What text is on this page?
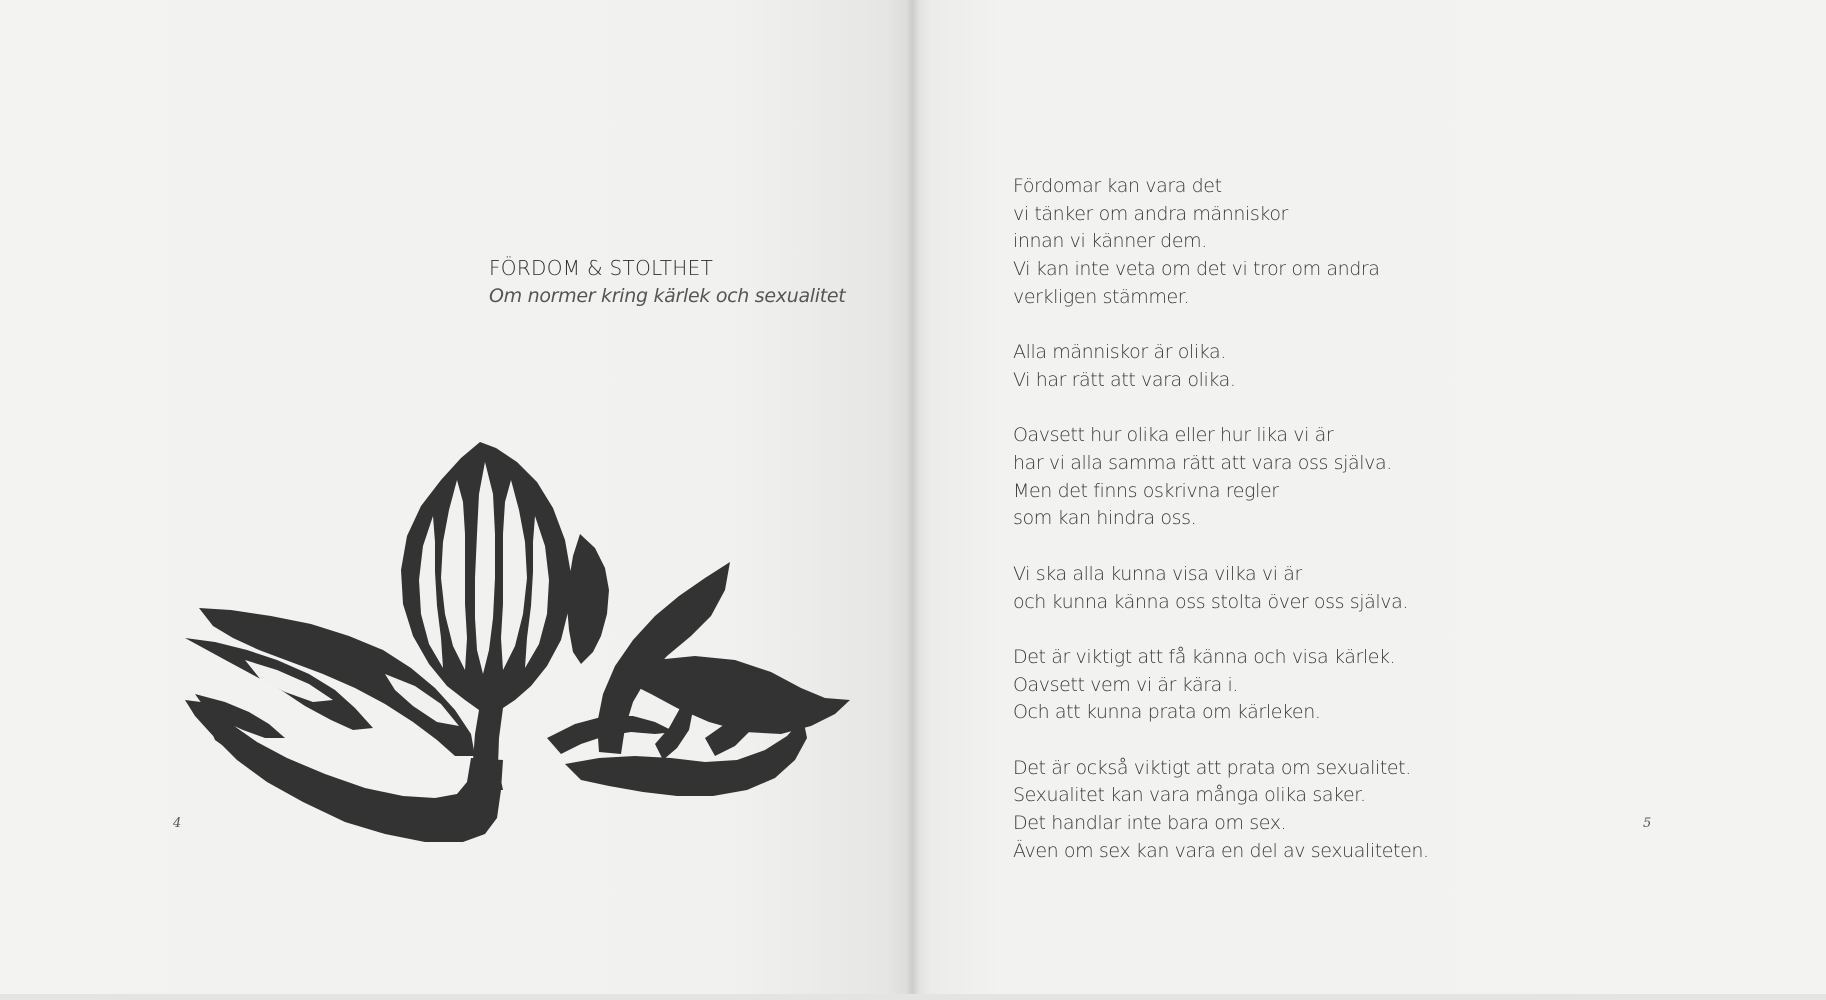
FÖRDOM & STOLTHET
Om normer kring kärlek och sexualitet
4	5
Fördomar kan vara det
vi tänker om andra människor
innan vi känner dem.
Vi kan inte veta om det vi tror om andra
verkligen stämmer.
Alla människor är olika.
Vi har rätt att vara olika.
Oavsett hur olika eller hur lika vi är
har vi alla samma rätt att vara oss själva.
Men det finns oskrivna regler
som kan hindra oss.
Vi ska alla kunna visa vilka vi är
och kunna känna oss stolta över oss själva.
Det är viktigt att få känna och visa kärlek.
Oavsett vem vi är kära i.
Och att kunna prata om kärleken.
Det är också viktigt att prata om sexualitet.
Sexualitet kan vara många olika saker.
Det handlar inte bara om sex.
Även om sex kan vara en del av sexualiteten.
